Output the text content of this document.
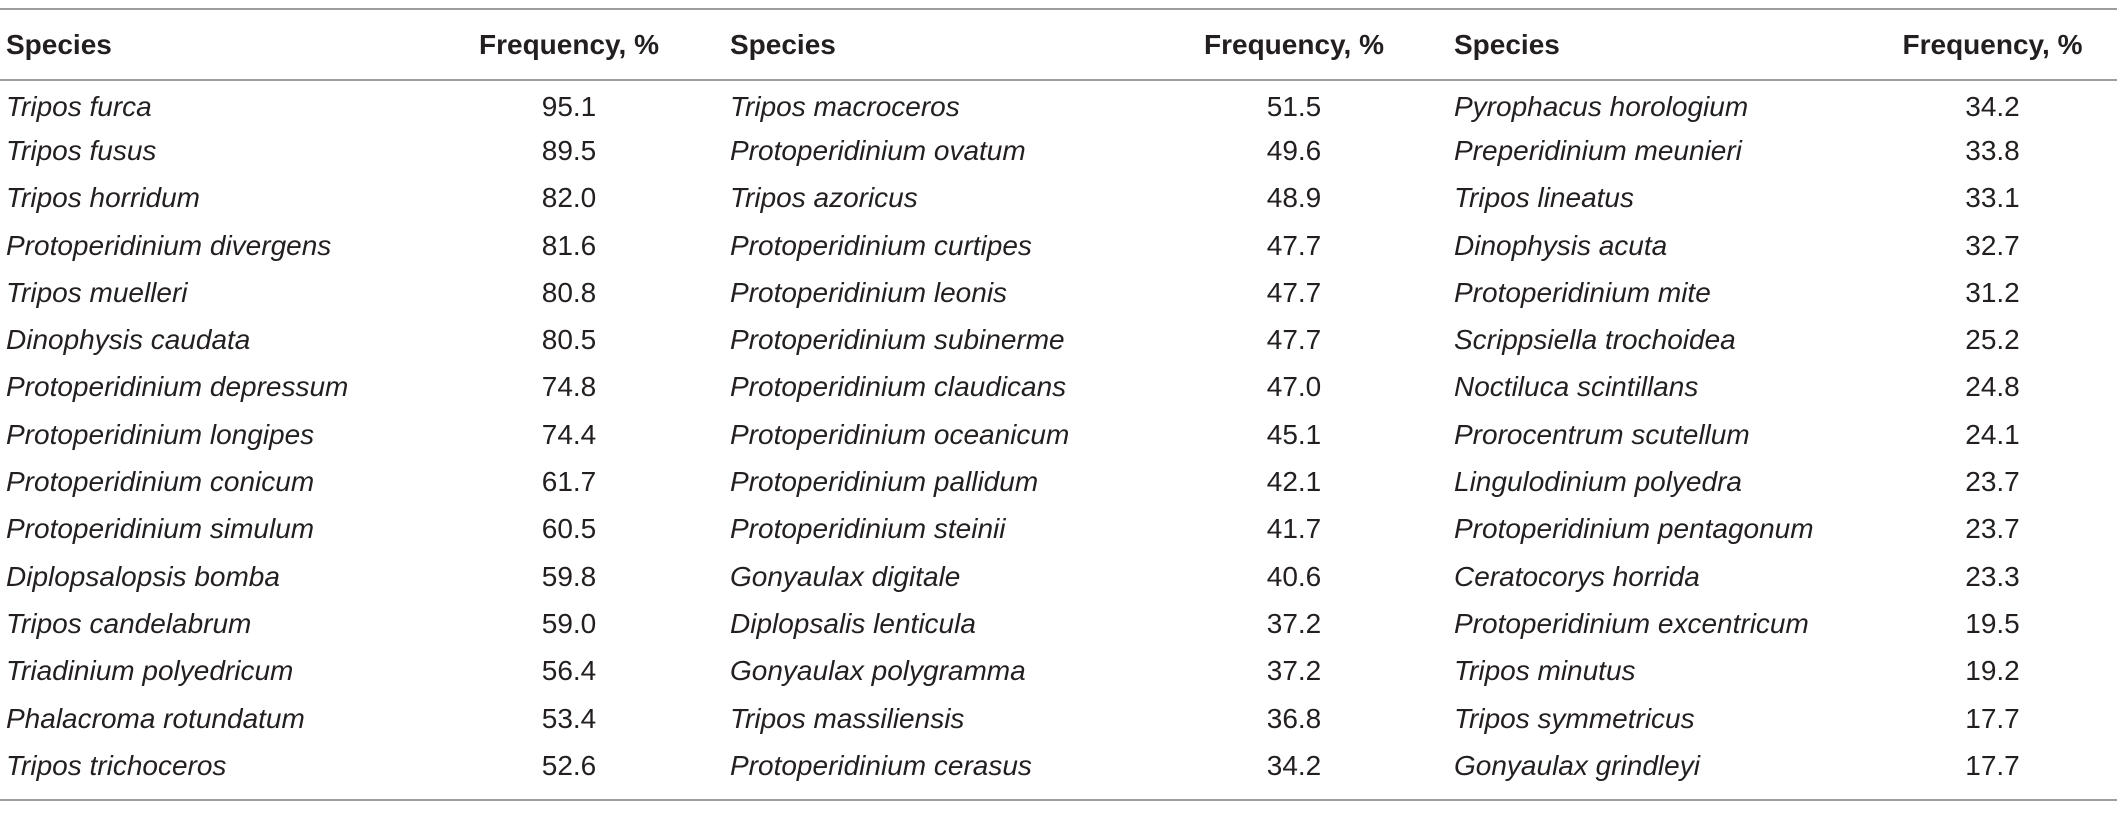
Species	Frequency, %	Species	Frequency, %	Species	Frequency, %
Tripos furca	95.1	Tripos macroceros	51.5	Pyrophacus horologium	34.2
Tripos fusus	89.5	Protoperidinium ovatum	49.6	Preperidinium meunieri	33.8
Tripos horridum	82.0	Tripos azoricus	48.9	Tripos lineatus	33.1
Protoperidinium divergens	81.6	Protoperidinium curtipes	47.7	Dinophysis acuta	32.7
Tripos muelleri	80.8	Protoperidinium leonis	47.7	Protoperidinium mite	31.2
Dinophysis caudata	80.5	Protoperidinium subinerme	47.7	Scrippsiella trochoidea	25.2
Protoperidinium depressum	74.8	Protoperidinium claudicans	47.0	Noctiluca scintillans	24.8
Protoperidinium longipes	74.4	Protoperidinium oceanicum	45.1	Prorocentrum scutellum	24.1
Protoperidinium conicum	61.7	Protoperidinium pallidum	42.1	Lingulodinium polyedra	23.7
Protoperidinium simulum	60.5	Protoperidinium steinii	41.7	Protoperidinium pentagonum	23.7
Diplopsalopsis bomba	59.8	Gonyaulax digitale	40.6	Ceratocorys horrida	23.3
Tripos candelabrum	59.0	Diplopsalis lenticula	37.2	Protoperidinium excentricum	19.5
Triadinium polyedricum	56.4	Gonyaulax polygramma	37.2	Tripos minutus	19.2
Phalacroma rotundatum	53.4	Tripos massiliensis	36.8	Tripos symmetricus	17.7
Tripos trichoceros	52.6	Protoperidinium cerasus	34.2	Gonyaulax grindleyi	17.7
